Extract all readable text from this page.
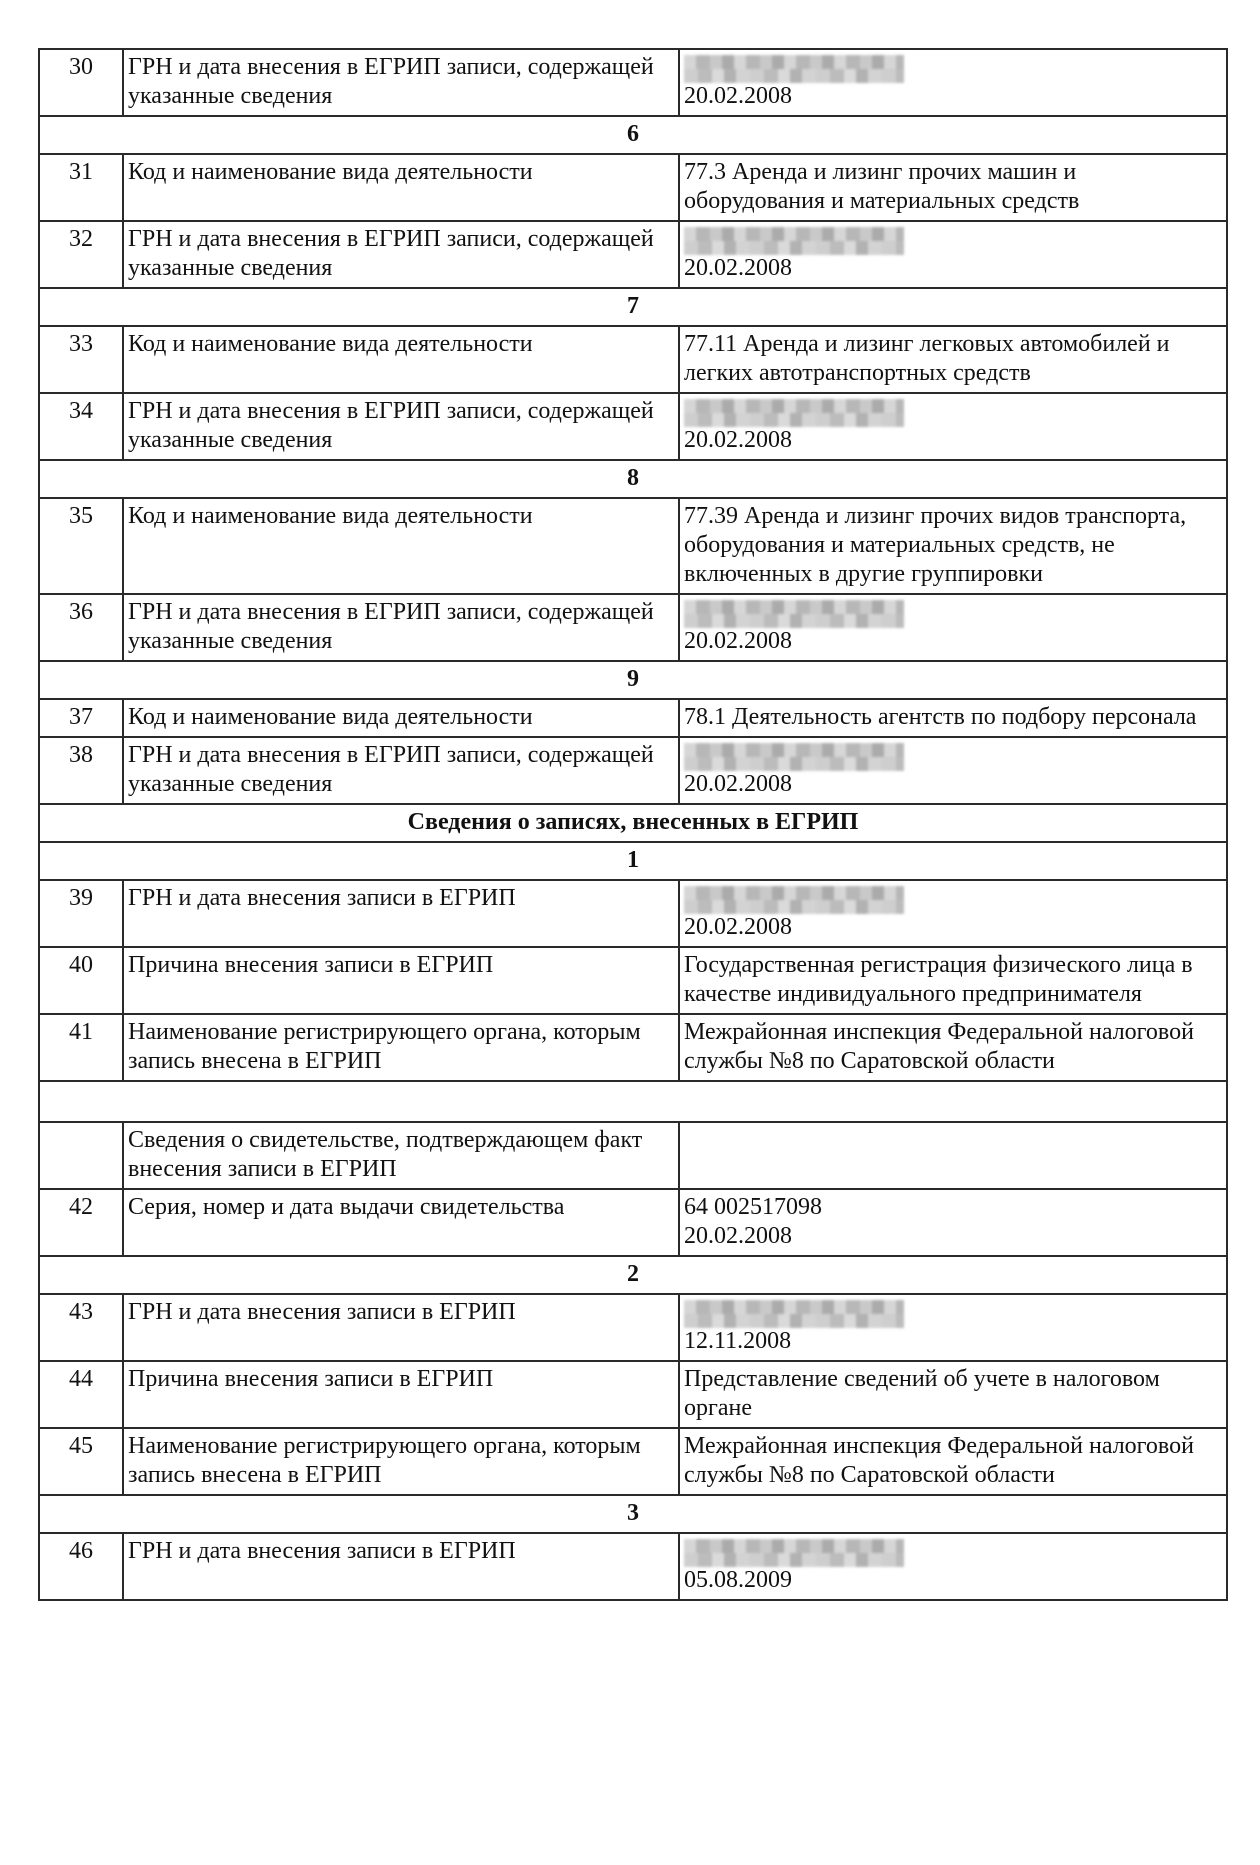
30	ГРН и дата внесения в ЕГРИП записи, содержащей указанные сведения	20.02.2008

6		
31	Код и наименование вида деятельности	77.3 Аренда и лизинг прочих машин и оборудования и материальных средств

32	ГРН и дата внесения в ЕГРИП записи, содержащей указанные сведения	20.02.2008

7		
33	Код и наименование вида деятельности	77.11 Аренда и лизинг легковых автомобилей и легких автотранспортных средств

34	ГРН и дата внесения в ЕГРИП записи, содержащей указанные сведения	20.02.2008

8		
35	Код и наименование вида деятельности	77.39 Аренда и лизинг прочих видов транспорта, оборудования и материальных средств, не включенных в другие группировки

36	ГРН и дата внесения в ЕГРИП записи, содержащей указанные сведения	20.02.2008

9		
37	Код и наименование вида деятельности	78.1 Деятельность агентств по подбору персонала

38	ГРН и дата внесения в ЕГРИП записи, содержащей указанные сведения	20.02.2008

Сведения о записях, внесенных в ЕГРИП		
1		
39	ГРН и дата внесения записи в ЕГРИП	20.02.2008

40	Причина внесения записи в ЕГРИП	Государственная регистрация физического лица в качестве индивидуального предпринимателя

41	Наименование регистрирующего органа, которым запись внесена в ЕГРИП	Межрайонная инспекция Федеральной налоговой службы №8 по Саратовской области

	Сведения о свидетельстве, подтверждающем факт внесения записи в ЕГРИП	
42	Серия, номер и дата выдачи свидетельства	64 002517098
20.02.2008

2		
43	ГРН и дата внесения записи в ЕГРИП	12.11.2008

44	Причина внесения записи в ЕГРИП	Представление сведений об учете в налоговом органе

45	Наименование регистрирующего органа, которым запись внесена в ЕГРИП	Межрайонная инспекция Федеральной налоговой службы №8 по Саратовской области

3		
46	ГРН и дата внесения записи в ЕГРИП	05.08.2009
